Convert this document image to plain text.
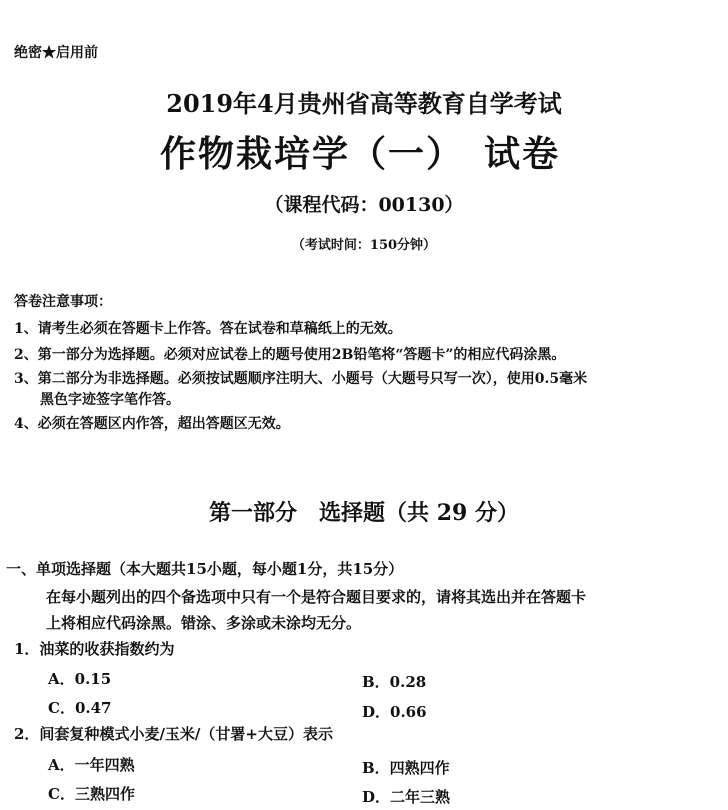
绝密★启用前
2019年4月贵州省高等教育自学考试
作物栽培学（一）　试卷
（课程代码：00130）
（考试时间：150分钟）
答卷注意事项：
1、请考生必须在答题卡上作答。答在试卷和草稿纸上的无效。
2、第一部分为选择题。必须对应试卷上的题号使用2B铅笔将“答题卡”的相应代码涂黑。
3、第二部分为非选择题。必须按试题顺序注明大、小题号（大题号只写一次），使用0.5毫米
黑色字迹签字笔作答。
4、必须在答题区内作答，超出答题区无效。
第一部分　选择题（共 29 分）
一、单项选择题（本大题共15小题，每小题1分，共15分）
在每小题列出的四个备选项中只有一个是符合题目要求的，请将其选出并在答题卡
上将相应代码涂黑。错涂、多涂或未涂均无分。
1．油菜的收获指数约为
A．0.15	B．0.28
C．0.47	D．0.66
2．间套复种模式小麦/玉米/（甘署+大豆）表示
A．一年四熟	B．四熟四作
C．三熟四作	D．二年三熟
